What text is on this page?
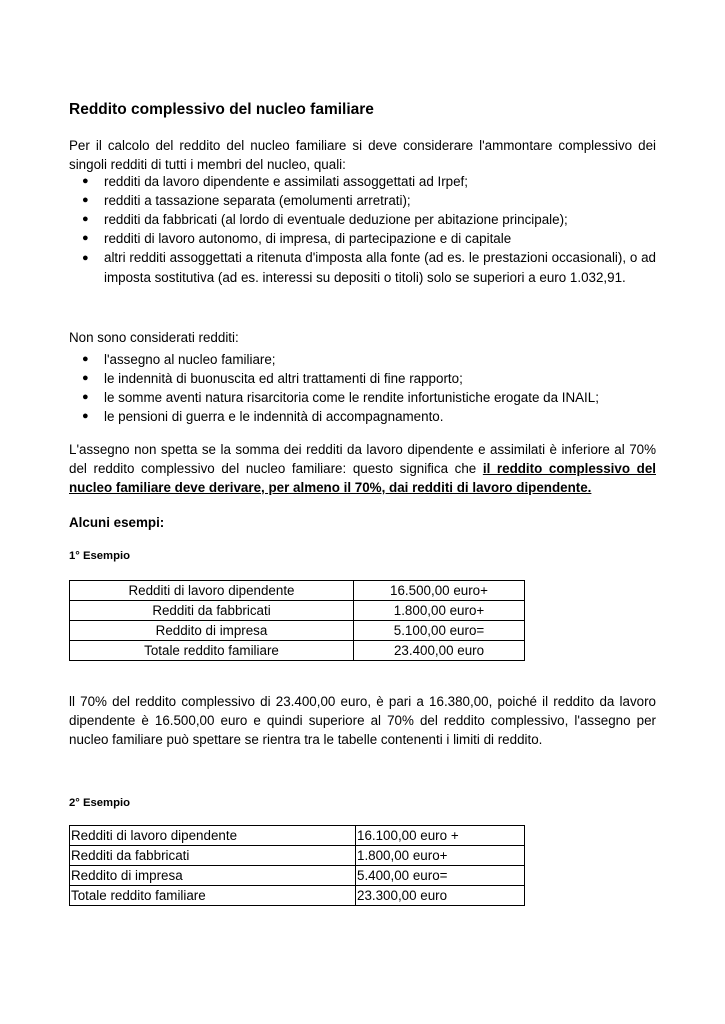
Reddito complessivo del nucleo familiare

Per il calcolo del reddito del nucleo familiare si deve considerare l'ammontare complessivo dei singoli redditi di tutti i membri del nucleo, quali:

● redditi da lavoro dipendente e assimilati assoggettati ad Irpef;
● redditi a tassazione separata (emolumenti arretrati);
● redditi da fabbricati (al lordo di eventuale deduzione per abitazione principale);
● redditi di lavoro autonomo, di impresa, di partecipazione e di capitale
● altri redditi assoggettati a ritenuta d'imposta alla fonte (ad es. le prestazioni occasionali), o ad imposta sostitutiva (ad es. interessi su depositi o titoli) solo se superiori a euro 1.032,91.

Non sono considerati redditi:

● l'assegno al nucleo familiare;
● le indennità di buonuscita ed altri trattamenti di fine rapporto;
● le somme aventi natura risarcitoria come le rendite infortunistiche erogate da INAIL;
● le pensioni di guerra e le indennità di accompagnamento.

L'assegno non spetta se la somma dei redditi da lavoro dipendente e assimilati è inferiore al 70% del reddito complessivo del nucleo familiare: questo significa che il reddito complessivo del nucleo familiare deve derivare, per almeno il 70%, dai redditi di lavoro dipendente.

Alcuni esempi:

1° Esempio

Redditi di lavoro dipendente	16.500,00 euro+
Redditi da fabbricati	1.800,00 euro+
Reddito di impresa	5.100,00 euro=
Totale reddito familiare	23.400,00 euro

ll 70% del reddito complessivo di 23.400,00 euro, è pari a 16.380,00, poiché il reddito da lavoro dipendente è 16.500,00 euro e quindi superiore al 70% del reddito complessivo, l'assegno per nucleo familiare può spettare se rientra tra le tabelle contenenti i limiti di reddito.

2° Esempio

Redditi di lavoro dipendente	16.100,00 euro +
Redditi da fabbricati	1.800,00 euro+
Reddito di impresa	5.400,00 euro=
Totale reddito familiare	23.300,00 euro
